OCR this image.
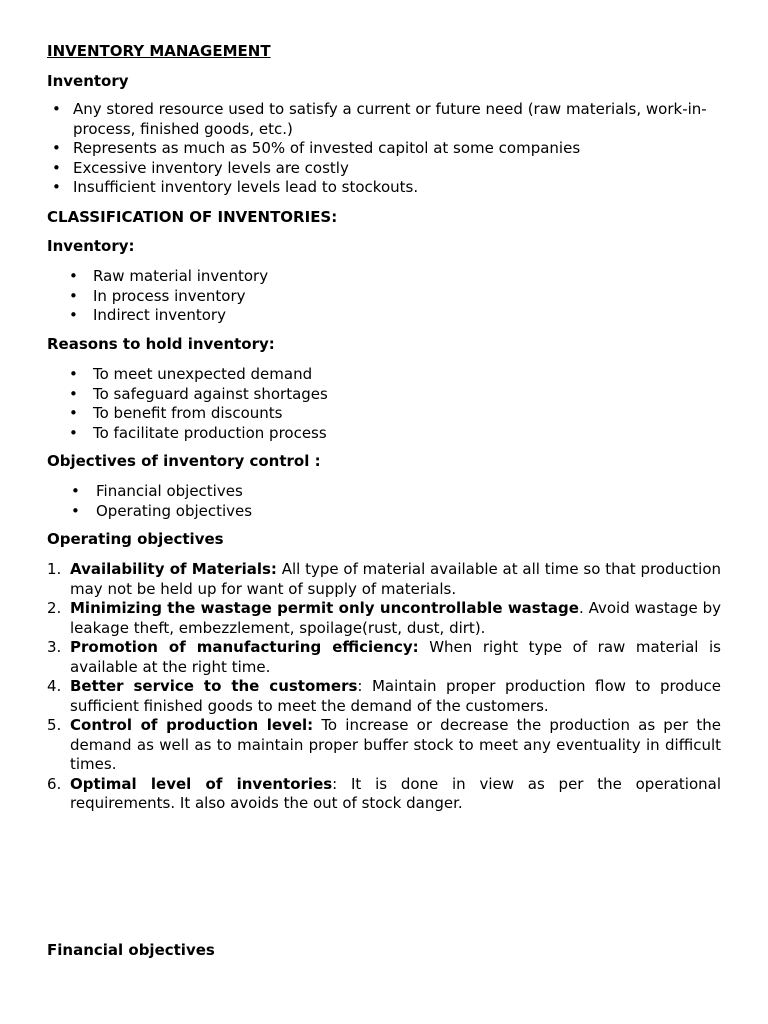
INVENTORY MANAGEMENT
Inventory
• Any stored resource used to satisfy a current or future need (raw materials, work-in-process, finished goods, etc.)
• Represents as much as 50% of invested capitol at some companies
• Excessive inventory levels are costly
• Insufficient inventory levels lead to stockouts.
CLASSIFICATION OF INVENTORIES:
Inventory:
• Raw material inventory
• In process inventory
• Indirect inventory
Reasons to hold inventory:
• To meet unexpected demand
• To safeguard against shortages
• To benefit from discounts
• To facilitate production process
Objectives of inventory control :
• Financial objectives
• Operating objectives
Operating objectives
1. Availability of Materials: All type of material available at all time so that production may not be held up for want of supply of materials.
2. Minimizing the wastage permit only uncontrollable wastage. Avoid wastage by leakage theft, embezzlement, spoilage(rust, dust, dirt).
3. Promotion of manufacturing efficiency: When right type of raw material is available at the right time.
4. Better service to the customers: Maintain proper production flow to produce sufficient finished goods to meet the demand of the customers.
5. Control of production level: To increase or decrease the production as per the demand as well as to maintain proper buffer stock to meet any eventuality in difficult times.
6. Optimal level of inventories: It is done in view as per the operational requirements. It also avoids the out of stock danger.
Financial objectives
